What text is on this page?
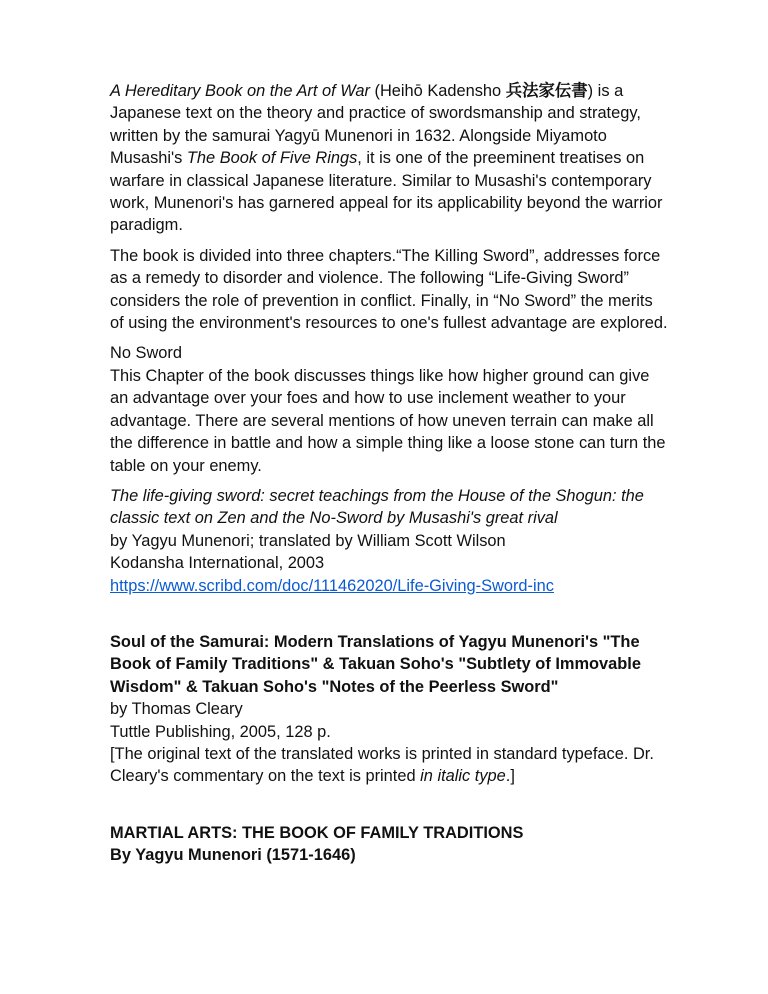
A Hereditary Book on the Art of War (Heihō Kadensho 兵法家伝書) is a Japanese text on the theory and practice of swordsmanship and strategy, written by the samurai Yagyū Munenori in 1632. Alongside Miyamoto Musashi's The Book of Five Rings, it is one of the preeminent treatises on warfare in classical Japanese literature. Similar to Musashi's contemporary work, Munenori's has garnered appeal for its applicability beyond the warrior paradigm.

The book is divided into three chapters.“The Killing Sword”, addresses force as a remedy to disorder and violence. The following “Life-Giving Sword” considers the role of prevention in conflict. Finally, in “No Sword” the merits of using the environment's resources to one's fullest advantage are explored.

No Sword
This Chapter of the book discusses things like how higher ground can give an advantage over your foes and how to use inclement weather to your advantage. There are several mentions of how uneven terrain can make all the difference in battle and how a simple thing like a loose stone can turn the table on your enemy.

The life-giving sword: secret teachings from the House of the Shogun: the classic text on Zen and the No-Sword by Musashi's great rival
by Yagyu Munenori; translated by William Scott Wilson
Kodansha International, 2003
https://www.scribd.com/doc/111462020/Life-Giving-Sword-inc

Soul of the Samurai: Modern Translations of Yagyu Munenori's "The Book of Family Traditions" & Takuan Soho's "Subtlety of Immovable Wisdom" & Takuan Soho's "Notes of the Peerless Sword"
by Thomas Cleary
Tuttle Publishing, 2005, 128 p.
[The original text of the translated works is printed in standard typeface. Dr. Cleary's commentary on the text is printed in italic type.]

MARTIAL ARTS: THE BOOK OF FAMILY TRADITIONS
By Yagyu Munenori (1571-1646)
